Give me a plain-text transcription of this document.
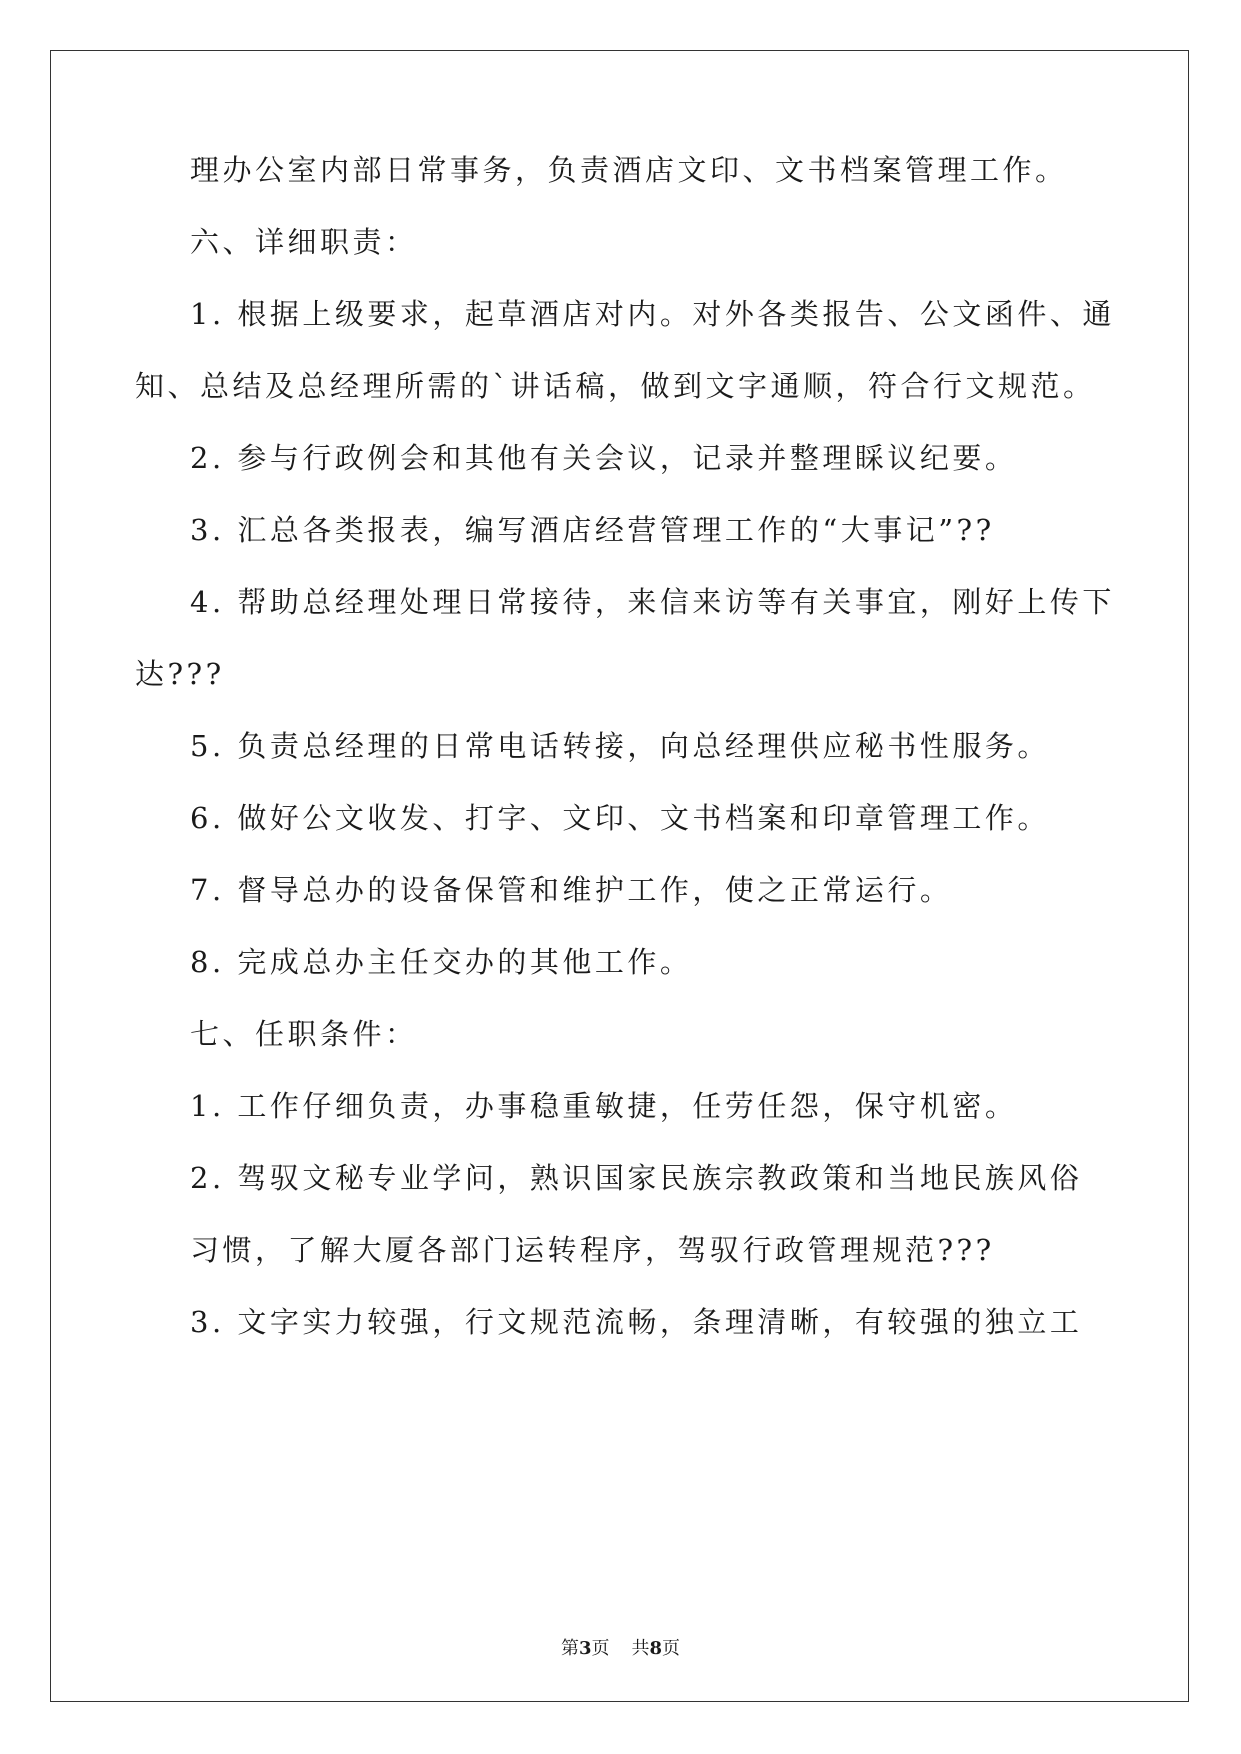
理办公室内部日常事务，负责酒店文印、文书档案管理工作。
六、详细职责：
1. 根据上级要求，起草酒店对内。对外各类报告、公文函件、通
知、总结及总经理所需的`讲话稿，做到文字通顺，符合行文规范。
2. 参与行政例会和其他有关会议，记录并整理睬议纪要。
3. 汇总各类报表，编写酒店经营管理工作的“大事记”??
4. 帮助总经理处理日常接待，来信来访等有关事宜，刚好上传下
达???
5. 负责总经理的日常电话转接，向总经理供应秘书性服务。
6. 做好公文收发、打字、文印、文书档案和印章管理工作。
7. 督导总办的设备保管和维护工作，使之正常运行。
8. 完成总办主任交办的其他工作。
七、任职条件：
1. 工作仔细负责，办事稳重敏捷，任劳任怨，保守机密。
2. 驾驭文秘专业学问，熟识国家民族宗教政策和当地民族风俗
习惯，了解大厦各部门运转程序，驾驭行政管理规范???
3. 文字实力较强，行文规范流畅，条理清晰，有较强的独立工
第3页 共8页
